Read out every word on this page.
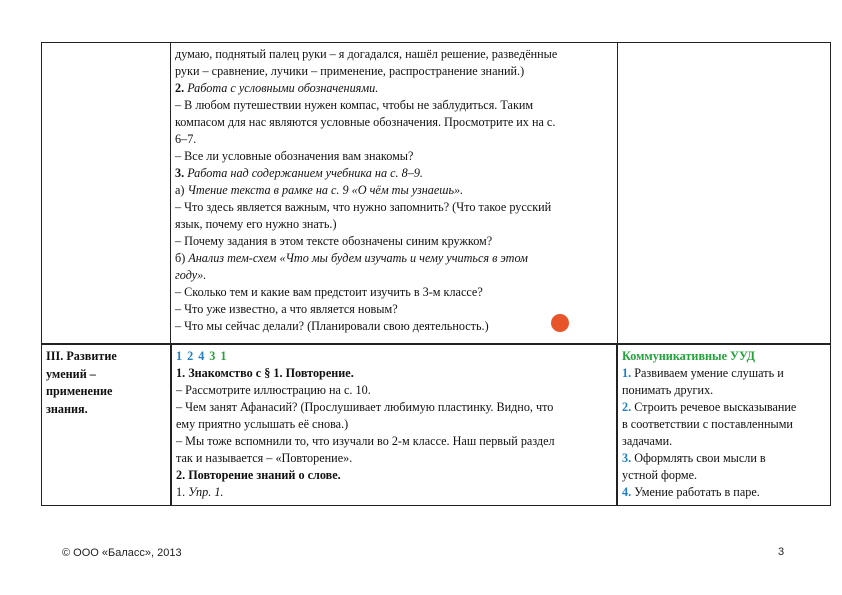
думаю, поднятый палец руки – я догадался, нашёл решение, разведённые
руки – сравнение, лучики – применение, распространение знаний.)
2. Работа с условными обозначениями.
– В любом путешествии нужен компас, чтобы не заблудиться. Таким
компасом для нас являются условные обозначения. Просмотрите их на с.
6–7.
– Все ли условные обозначения вам знакомы?
3. Работа над содержанием учебника на с. 8–9.
а) Чтение текста в рамке на с. 9 «О чём ты узнаешь».
– Что здесь является важным, что нужно запомнить? (Что такое русский
язык, почему его нужно знать.)
– Почему задания в этом тексте обозначены синим кружком?
б) Анализ тем-схем «Что мы будем изучать и чему учиться в этом
году».
– Сколько тем и какие вам предстоит изучить в 3-м классе?
– Что уже известно, а что является новым?
– Что мы сейчас делали? (Планировали свою деятельность.)
III. Развитие
умений –
применение
знания.
1 2 4 3 1
1. Знакомство с § 1. Повторение.
– Рассмотрите иллюстрацию на с. 10.
– Чем занят Афанасий? (Прослушивает любимую пластинку. Видно, что
ему приятно услышать её снова.)
– Мы тоже вспомнили то, что изучали во 2-м классе. Наш первый раздел
так и называется – «Повторение».
2. Повторение знаний о слове.
1. Упр. 1.
Коммуникативные УУД
1. Развиваем умение слушать и
понимать других.
2. Строить речевое высказывание
в соответствии с поставленными
задачами.
3. Оформлять свои мысли в
устной форме.
4. Умение работать в паре.
© ООО «Баласс», 2013	3
